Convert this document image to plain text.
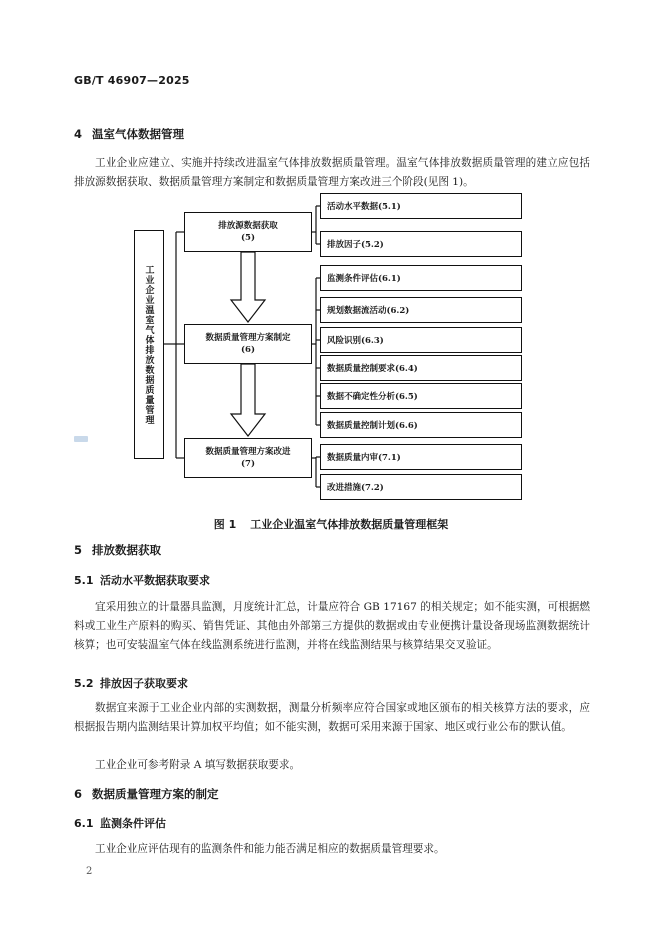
GB/T 46907—2025
4 温室气体数据管理
工业企业应建立、实施并持续改进温室气体排放数据质量管理。温室气体排放数据质量管理的建立应包括排放源数据获取、数据质量管理方案制定和数据质量管理方案改进三个阶段(见图 1)。
工业企业温室气体排放数据质量管理
排放源数据获取
(5)
数据质量管理方案制定
(6)
数据质量管理方案改进
(7)
活动水平数据(5.1)
排放因子(5.2)
监测条件评估(6.1)
规划数据流活动(6.2)
风险识别(6.3)
数据质量控制要求(6.4)
数据不确定性分析(6.5)
数据质量控制计划(6.6)
数据质量内审(7.1)
改进措施(7.2)
图 1 工业企业温室气体排放数据质量管理框架
5 排放数据获取
5.1 活动水平数据获取要求
宜采用独立的计量器具监测，月度统计汇总，计量应符合 GB 17167 的相关规定；如不能实测，可根据燃料或工业生产原料的购买、销售凭证、其他由外部第三方提供的数据或由专业便携计量设备现场监测数据统计核算；也可安装温室气体在线监测系统进行监测，并将在线监测结果与核算结果交叉验证。
5.2 排放因子获取要求
数据宜来源于工业企业内部的实测数据，测量分析频率应符合国家或地区颁布的相关核算方法的要求，应根据报告期内监测结果计算加权平均值；如不能实测，数据可采用来源于国家、地区或行业公布的默认值。
工业企业可参考附录 A 填写数据获取要求。
6 数据质量管理方案的制定
6.1 监测条件评估
工业企业应评估现有的监测条件和能力能否满足相应的数据质量管理要求。
2
